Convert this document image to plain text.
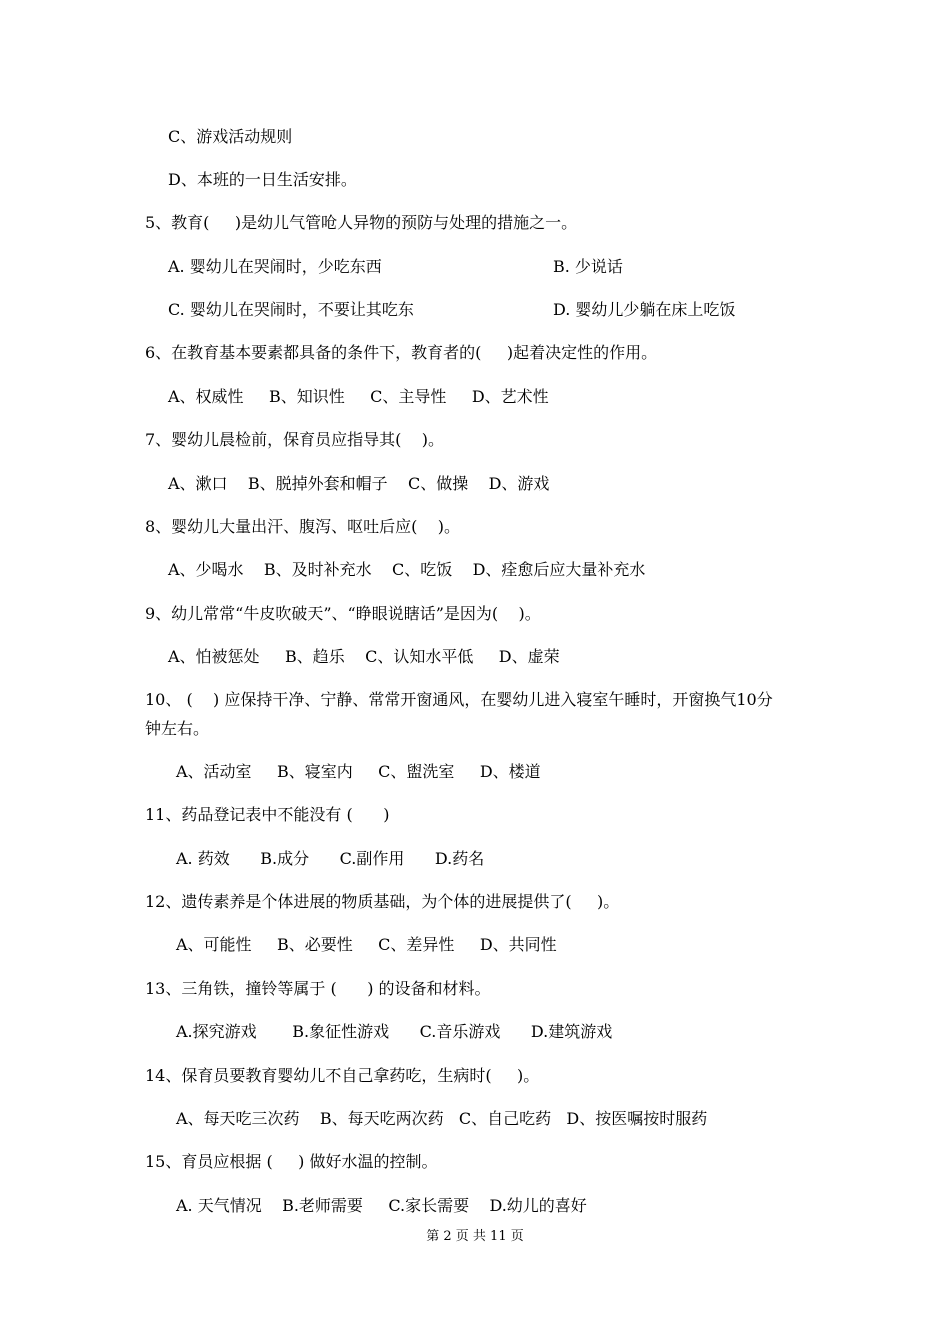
C、游戏活动规则
D、本班的一日生活安排。
5、教育(     )是幼儿气管呛人异物的预防与处理的措施之一。
A. 婴幼儿在哭闹时，少吃东西	B. 少说话
C. 婴幼儿在哭闹时，不要让其吃东	D. 婴幼儿少躺在床上吃饭
6、在教育基本要素都具备的条件下，教育者的(     )起着决定性的作用。
A、权威性     B、知识性     C、主导性     D、艺术性
7、婴幼儿晨检前，保育员应指导其(    )。
A、漱口    B、脱掉外套和帽子    C、做操    D、游戏
8、婴幼儿大量出汗、腹泻、呕吐后应(    )。
A、少喝水    B、及时补充水    C、吃饭    D、痊愈后应大量补充水
9、幼儿常常“牛皮吹破天”、“睁眼说瞎话”是因为(    )。
A、怕被惩处     B、趋乐    C、认知水平低     D、虚荣
10、 (    ) 应保持干净、宁静、常常开窗通风，在婴幼儿进入寝室午睡时，开窗换气10分
钟左右。
A、活动室     B、寝室内     C、盥洗室     D、楼道
11、药品登记表中不能没有 (      )
A. 药效      B.成分      C.副作用      D.药名
12、遗传素养是个体进展的物质基础，为个体的进展提供了(     )。
A、可能性     B、必要性     C、差异性     D、共同性
13、三角铁，撞铃等属于 (      ) 的设备和材料。
A.探究游戏       B.象征性游戏      C.音乐游戏      D.建筑游戏
14、保育员要教育婴幼儿不自己拿药吃，生病时(     )。
A、每天吃三次药    B、每天吃两次药   C、自己吃药   D、按医嘱按时服药
15、育员应根据 (     ) 做好水温的控制。
A. 天气情况    B.老师需要     C.家长需要    D.幼儿的喜好
第 2 页 共 11 页
